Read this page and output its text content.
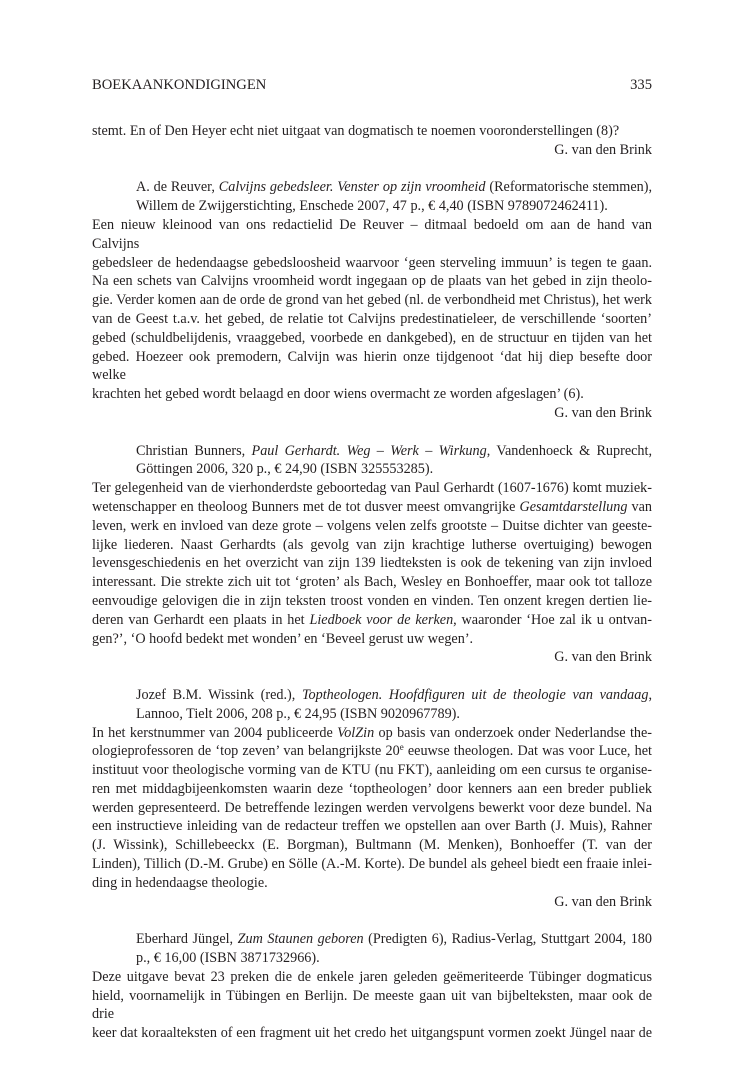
BOEKAANKONDIGINGEN	335
stemt. En of Den Heyer echt niet uitgaat van dogmatisch te noemen vooronderstellingen (8)?
G. van den Brink
A. de Reuver, Calvijns gebedsleer. Venster op zijn vroomheid (Reformatorische stemmen),
Willem de Zwijgerstichting, Enschede 2007, 47 p., € 4,40 (ISBN 9789072462411).
Een nieuw kleinood van ons redactielid De Reuver – ditmaal bedoeld om aan de hand van Calvijns
gebedsleer de hedendaagse gebedsloosheid waarvoor ‘geen sterveling immuun’ is tegen te gaan.
Na een schets van Calvijns vroomheid wordt ingegaan op de plaats van het gebed in zijn theolo-
gie. Verder komen aan de orde de grond van het gebed (nl. de verbondheid met Christus), het werk
van de Geest t.a.v. het gebed, de relatie tot Calvijns predestinatieleer, de verschillende ‘soorten’
gebed (schuldbelijdenis, vraaggebed, voorbede en dankgebed), en de structuur en tijden van het
gebed. Hoezeer ook premodern, Calvijn was hierin onze tijdgenoot ‘dat hij diep besefte door welke
krachten het gebed wordt belaagd en door wiens overmacht ze worden afgeslagen’ (6).
G. van den Brink
Christian Bunners, Paul Gerhardt. Weg – Werk – Wirkung, Vandenhoeck & Ruprecht,
Göttingen 2006, 320 p., € 24,90 (ISBN 325553285).
Ter gelegenheid van de vierhonderdste geboortedag van Paul Gerhardt (1607-1676) komt muziek-
wetenschapper en theoloog Bunners met de tot dusver meest omvangrijke Gesamtdarstellung van
leven, werk en invloed van deze grote – volgens velen zelfs grootste – Duitse dichter van geeste-
lijke liederen. Naast Gerhardts (als gevolg van zijn krachtige lutherse overtuiging) bewogen
levensgeschiedenis en het overzicht van zijn 139 liedteksten is ook de tekening van zijn invloed
interessant. Die strekte zich uit tot ‘groten’ als Bach, Wesley en Bonhoeffer, maar ook tot talloze
eenvoudige gelovigen die in zijn teksten troost vonden en vinden. Ten onzent kregen dertien lie-
deren van Gerhardt een plaats in het Liedboek voor de kerken, waaronder ‘Hoe zal ik u ontvan-
gen?’, ‘O hoofd bedekt met wonden’ en ‘Beveel gerust uw wegen’.
G. van den Brink
Jozef B.M. Wissink (red.), Toptheologen. Hoofdfiguren uit de theologie van vandaag,
Lannoo, Tielt 2006, 208 p., € 24,95 (ISBN 9020967789).
In het kerstnummer van 2004 publiceerde VolZin op basis van onderzoek onder Nederlandse the-
ologieprofessoren de ‘top zeven’ van belangrijkste 20e eeuwse theologen. Dat was voor Luce, het
instituut voor theologische vorming van de KTU (nu FKT), aanleiding om een cursus te organise-
ren met middagbijeenkomsten waarin deze ‘toptheologen’ door kenners aan een breder publiek
werden gepresenteerd. De betreffende lezingen werden vervolgens bewerkt voor deze bundel. Na
een instructieve inleiding van de redacteur treffen we opstellen aan over Barth (J. Muis), Rahner
(J. Wissink), Schillebeeckx (E. Borgman), Bultmann (M. Menken), Bonhoeffer (T. van der
Linden), Tillich (D.-M. Grube) en Sölle (A.-M. Korte). De bundel als geheel biedt een fraaie inlei-
ding in hedendaagse theologie.
G. van den Brink
Eberhard Jüngel, Zum Staunen geboren (Predigten 6), Radius-Verlag, Stuttgart 2004, 180
p., € 16,00 (ISBN 3871732966).
Deze uitgave bevat 23 preken die de enkele jaren geleden geëmeriteerde Tübinger dogmaticus
hield, voornamelijk in Tübingen en Berlijn. De meeste gaan uit van bijbelteksten, maar ook de drie
keer dat koraalteksten of een fragment uit het credo het uitgangspunt vormen zoekt Jüngel naar de
